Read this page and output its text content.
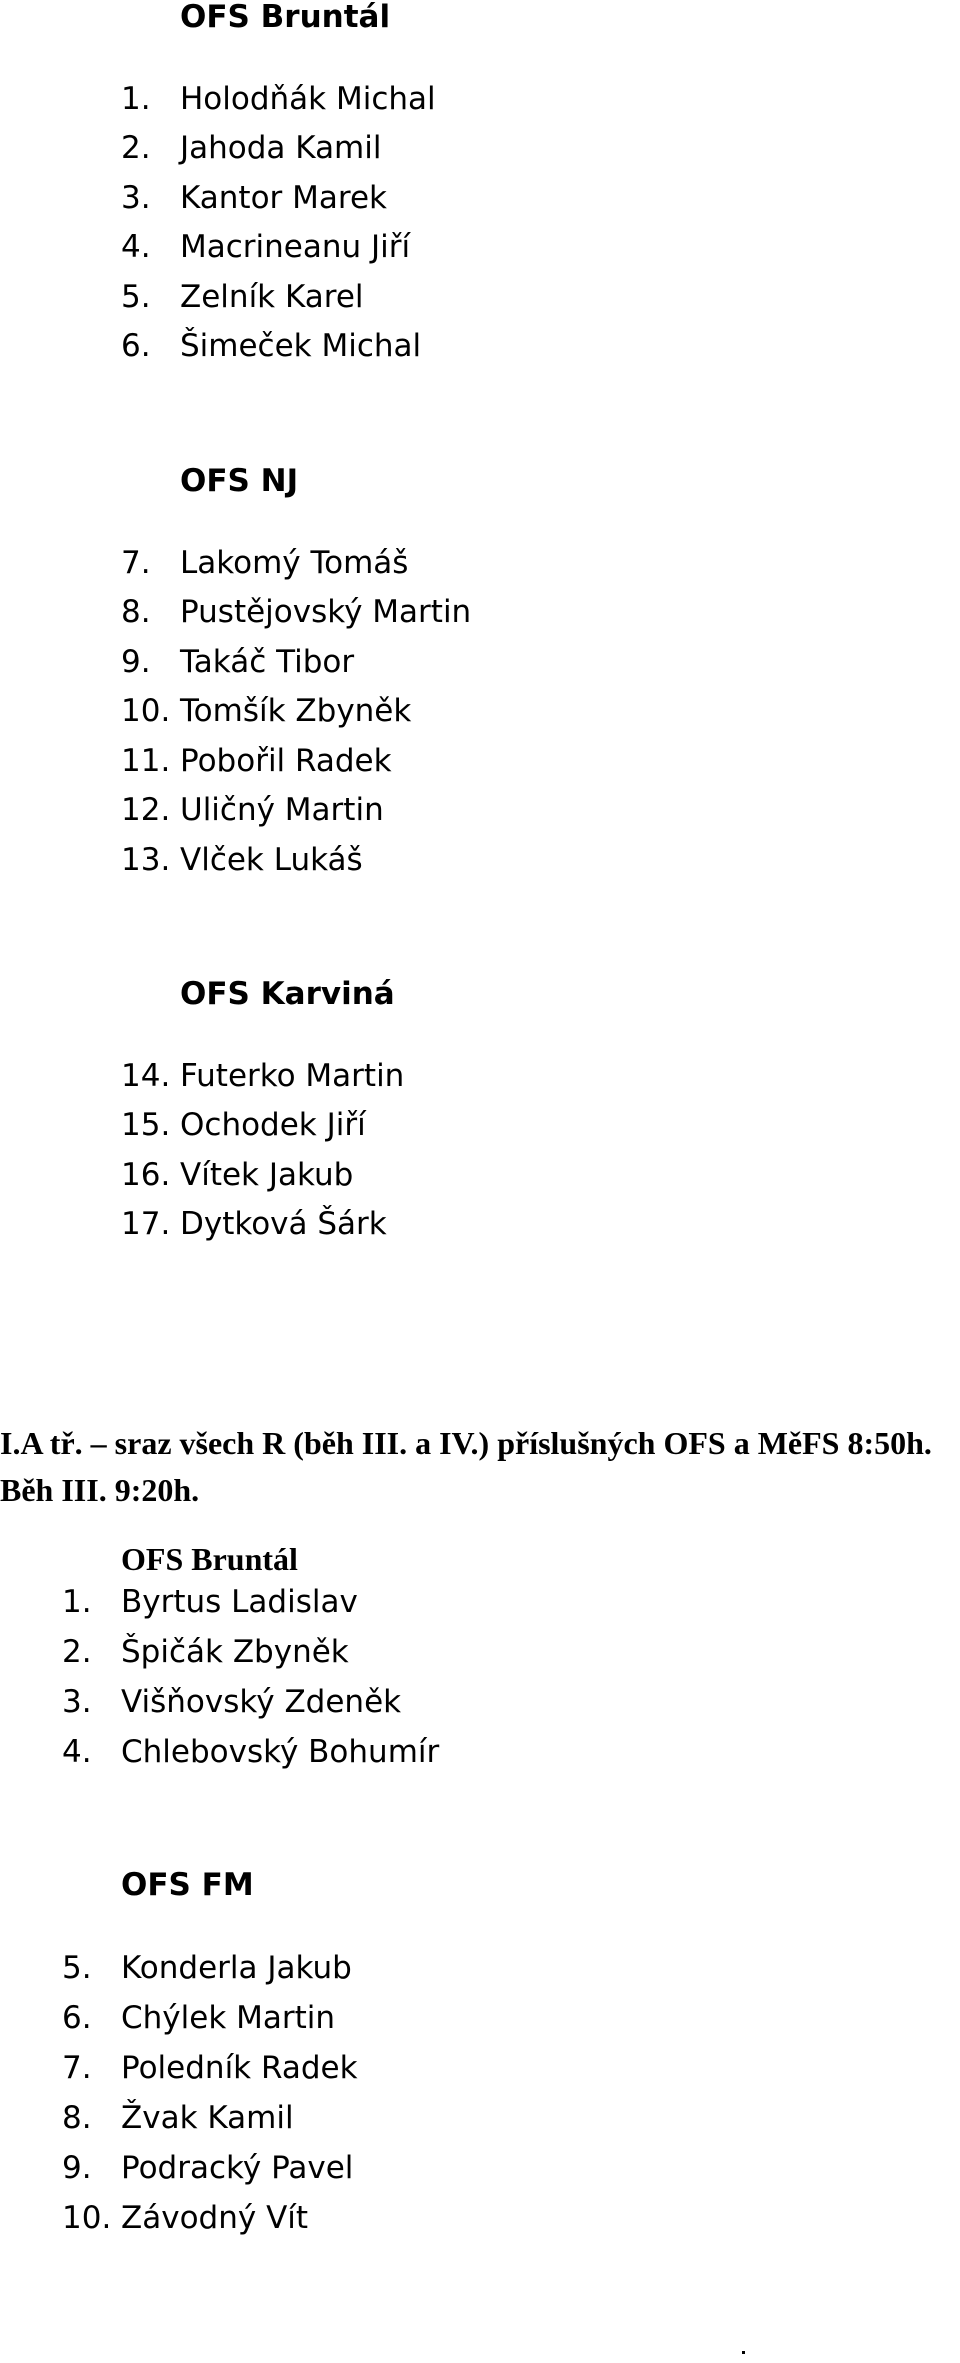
OFS Bruntál
1. Holodňák Michal
2. Jahoda Kamil
3. Kantor Marek
4. Macrineanu Jiří
5. Zelník Karel
6. Šimeček Michal
OFS NJ
7. Lakomý Tomáš
8. Pustějovský Martin
9. Takáč Tibor
10. Tomšík Zbyněk
11. Pobořil Radek
12. Uličný Martin
13. Vlček Lukáš
OFS Karviná
14. Futerko Martin
15. Ochodek Jiří
16. Vítek Jakub
17. Dytková Šárk
I.A tř. – sraz všech R (běh III. a IV.) příslušných OFS a MěFS 8:50h.
Běh III. 9:20h.
OFS Bruntál
1. Byrtus Ladislav
2. Špičák Zbyněk
3. Višňovský Zdeněk
4. Chlebovský Bohumír
OFS FM
5. Konderla Jakub
6. Chýlek Martin
7. Poledník Radek
8. Žvak Kamil
9. Podracký Pavel
10. Závodný Vít
